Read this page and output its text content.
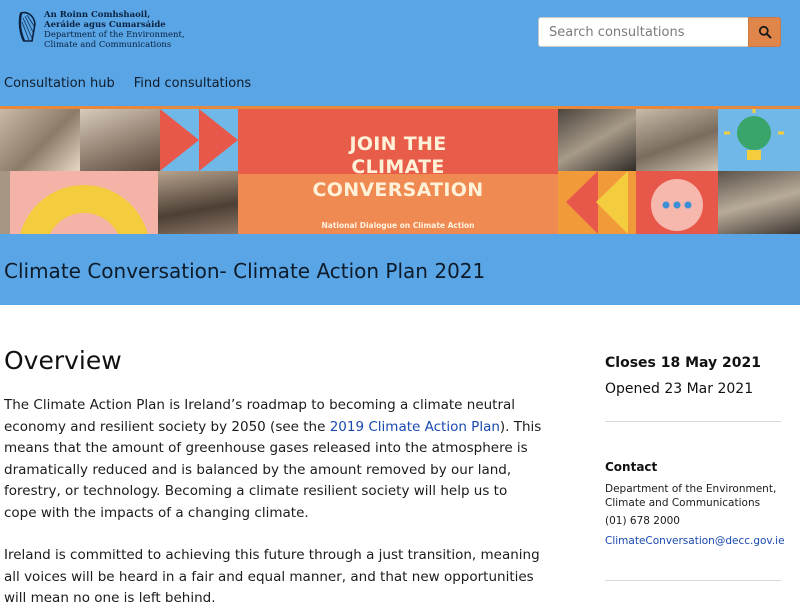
An Roinn Comhshaoil,
Aeráide agus Cumarsáide
Department of the Environment,
Climate and Communications
Search consultations
Consultation hub Find consultations
JOIN THE
CLIMATE
CONVERSATION
National Dialogue on Climate Action
Climate Conversation- Climate Action Plan 2021
Overview

The Climate Action Plan is Ireland’s roadmap to becoming a climate neutral economy and resilient society by 2050 (see the 2019 Climate Action Plan). This means that the amount of greenhouse gases released into the atmosphere is dramatically reduced and is balanced by the amount removed by our land, forestry, or technology. Becoming a climate resilient society will help us to cope with the impacts of a changing climate.

Ireland is committed to achieving this future through a just transition, meaning all voices will be heard in a fair and equal manner, and that new opportunities will mean no one is left behind.

Closes 18 May 2021
Opened 23 Mar 2021
Contact
Department of the Environment, Climate and Communications
(01) 678 2000
ClimateConversation@decc.gov.ie
